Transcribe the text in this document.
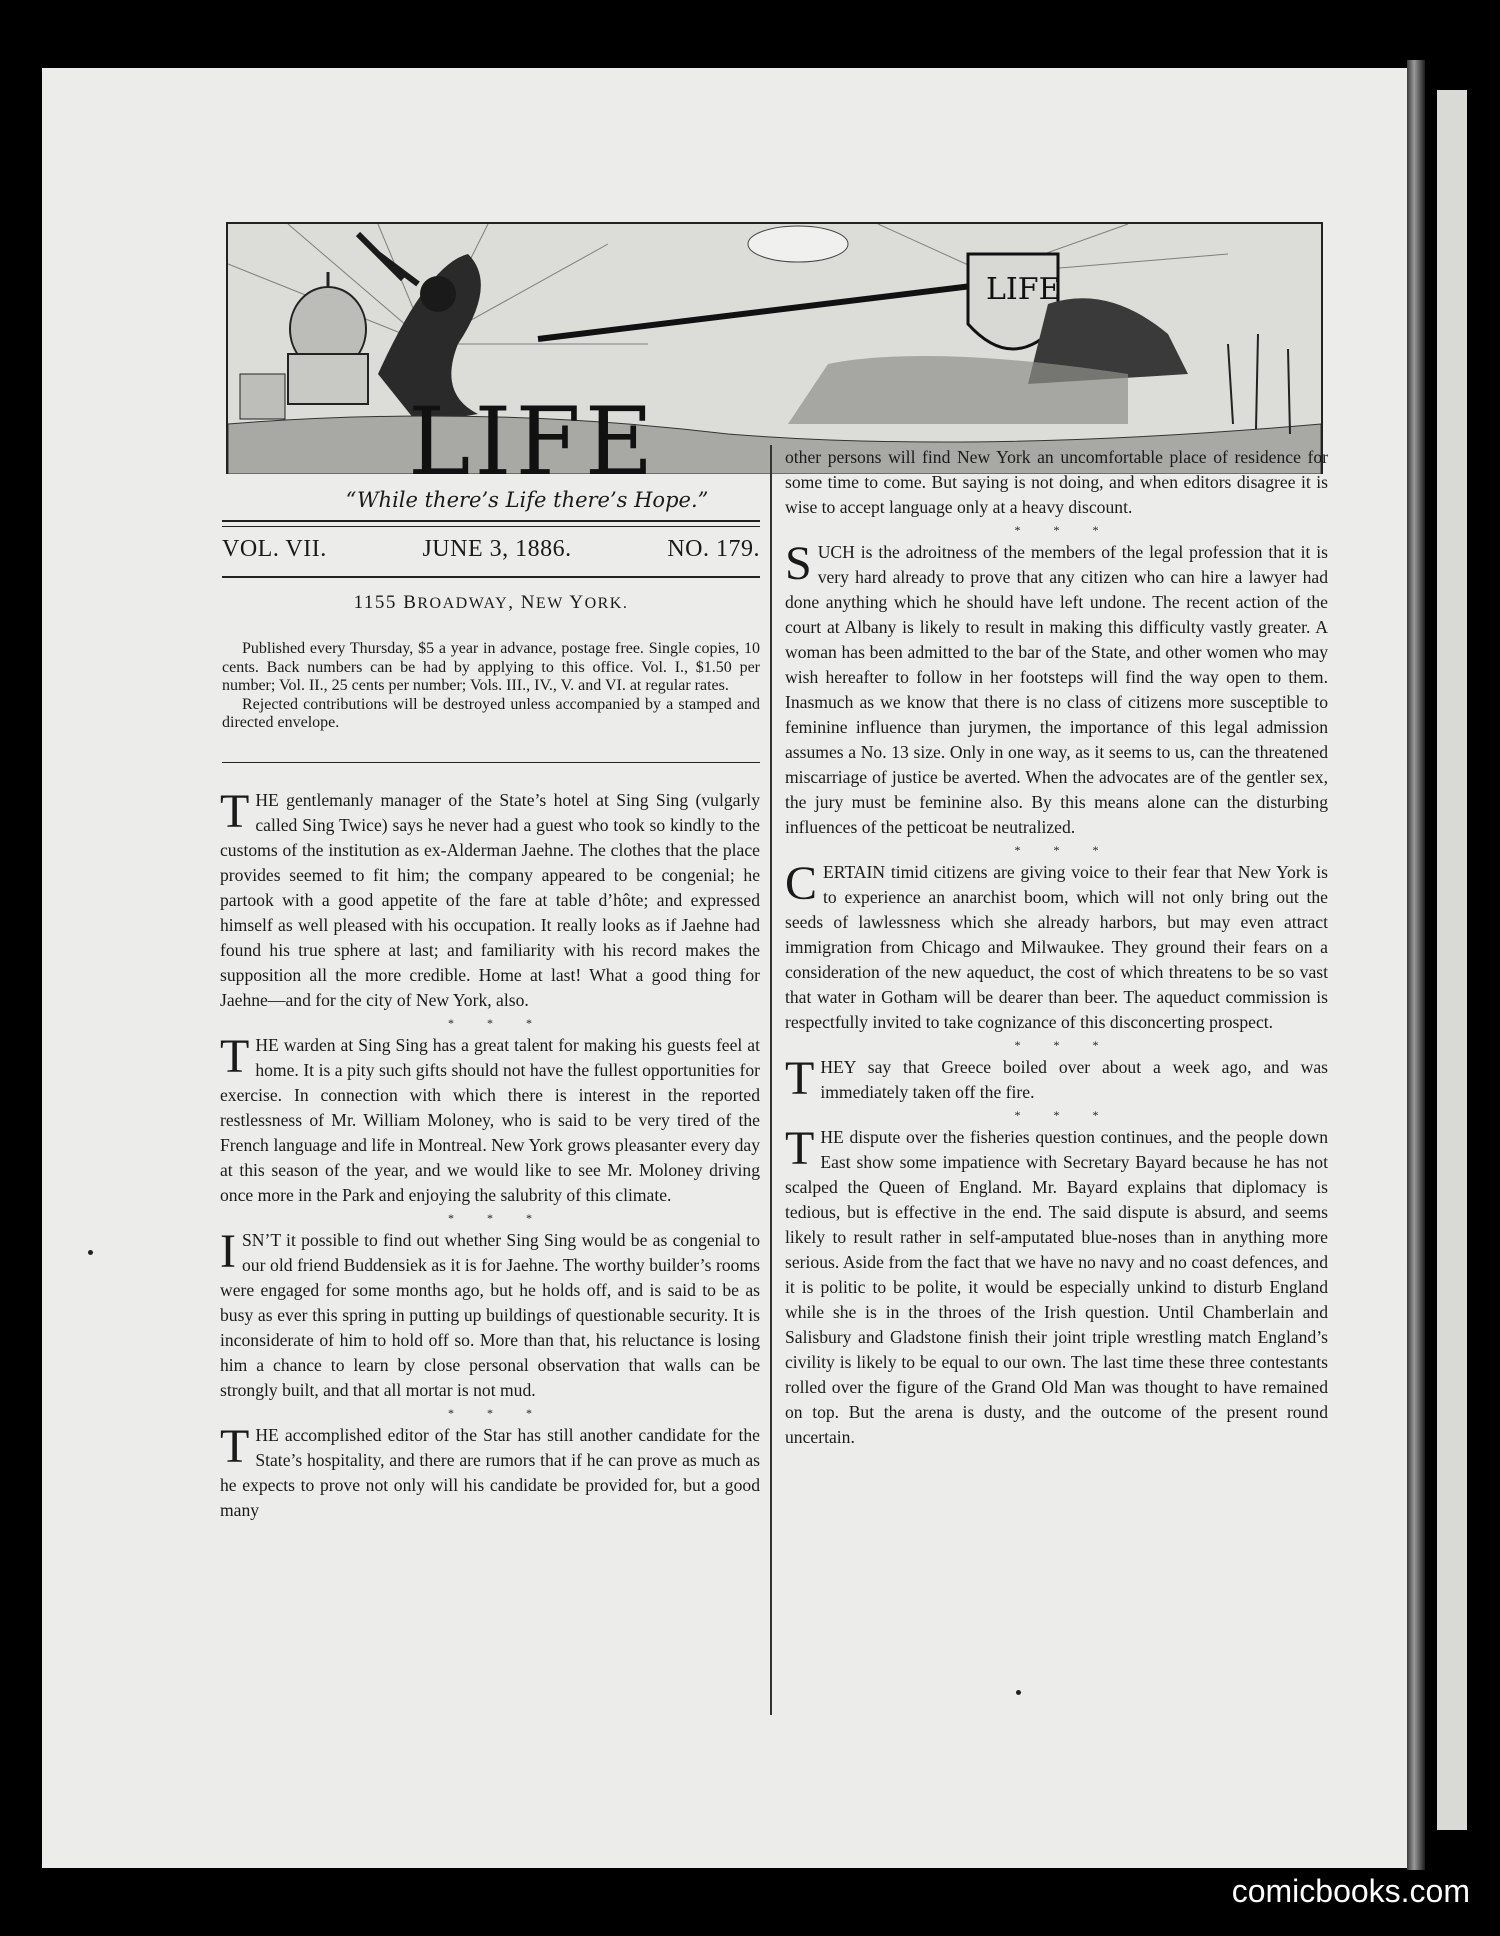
LIFE
LIFE
“While there’s Life there’s Hope.”
VOL. VII.	JUNE 3, 1886.	NO. 179.
1155 BROADWAY, NEW YORK.

Published every Thursday, $5 a year in advance, postage free. Single copies, 10 cents. Back numbers can be had by applying to this office. Vol. I., $1.50 per number; Vol. II., 25 cents per number; Vols. III., IV., V. and VI. at regular rates.

Rejected contributions will be destroyed unless accompanied by a stamped and directed envelope.

THE gentlemanly manager of the State’s hotel at Sing Sing (vulgarly called Sing Twice) says he never had a guest who took so kindly to the customs of the institution as ex-Alderman Jaehne. The clothes that the place provides seemed to fit him; the company appeared to be congenial; he partook with a good appetite of the fare at table d’hôte; and expressed himself as well pleased with his occupation. It really looks as if Jaehne had found his true sphere at last; and familiarity with his record makes the supposition all the more credible. Home at last! What a good thing for Jaehne—and for the city of New York, also.

* * *

THE warden at Sing Sing has a great talent for making his guests feel at home. It is a pity such gifts should not have the fullest opportunities for exercise. In connection with which there is interest in the reported restlessness of Mr. William Moloney, who is said to be very tired of the French language and life in Montreal. New York grows pleasanter every day at this season of the year, and we would like to see Mr. Moloney driving once more in the Park and enjoying the salubrity of this climate.

* * *

ISN’T it possible to find out whether Sing Sing would be as congenial to our old friend Buddensiek as it is for Jaehne. The worthy builder’s rooms were engaged for some months ago, but he holds off, and is said to be as busy as ever this spring in putting up buildings of questionable security. It is inconsiderate of him to hold off so. More than that, his reluctance is losing him a chance to learn by close personal observation that walls can be strongly built, and that all mortar is not mud.

* * *

THE accomplished editor of the Star has still another candidate for the State’s hospitality, and there are rumors that if he can prove as much as he expects to prove not only will his candidate be provided for, but a good many

other persons will find New York an uncomfortable place of residence for some time to come. But saying is not doing, and when editors disagree it is wise to accept language only at a heavy discount.

* * *

SUCH is the adroitness of the members of the legal profession that it is very hard already to prove that any citizen who can hire a lawyer had done anything which he should have left undone. The recent action of the court at Albany is likely to result in making this difficulty vastly greater. A woman has been admitted to the bar of the State, and other women who may wish hereafter to follow in her footsteps will find the way open to them. Inasmuch as we know that there is no class of citizens more susceptible to feminine influence than jurymen, the importance of this legal admission assumes a No. 13 size. Only in one way, as it seems to us, can the threatened miscarriage of justice be averted. When the advocates are of the gentler sex, the jury must be feminine also. By this means alone can the disturbing influences of the petticoat be neutralized.

* * *

CERTAIN timid citizens are giving voice to their fear that New York is to experience an anarchist boom, which will not only bring out the seeds of lawlessness which she already harbors, but may even attract immigration from Chicago and Milwaukee. They ground their fears on a consideration of the new aqueduct, the cost of which threatens to be so vast that water in Gotham will be dearer than beer. The aqueduct commission is respectfully invited to take cognizance of this disconcerting prospect.

* * *

THEY say that Greece boiled over about a week ago, and was immediately taken off the fire.

* * *

THE dispute over the fisheries question continues, and the people down East show some impatience with Secretary Bayard because he has not scalped the Queen of England. Mr. Bayard explains that diplomacy is tedious, but is effective in the end. The said dispute is absurd, and seems likely to result rather in self-amputated blue-noses than in anything more serious. Aside from the fact that we have no navy and no coast defences, and it is politic to be polite, it would be especially unkind to disturb England while she is in the throes of the Irish question. Until Chamberlain and Salisbury and Gladstone finish their joint triple wrestling match England’s civility is likely to be equal to our own. The last time these three contestants rolled over the figure of the Grand Old Man was thought to have remained on top. But the arena is dusty, and the outcome of the present round uncertain.

comicbooks.com
